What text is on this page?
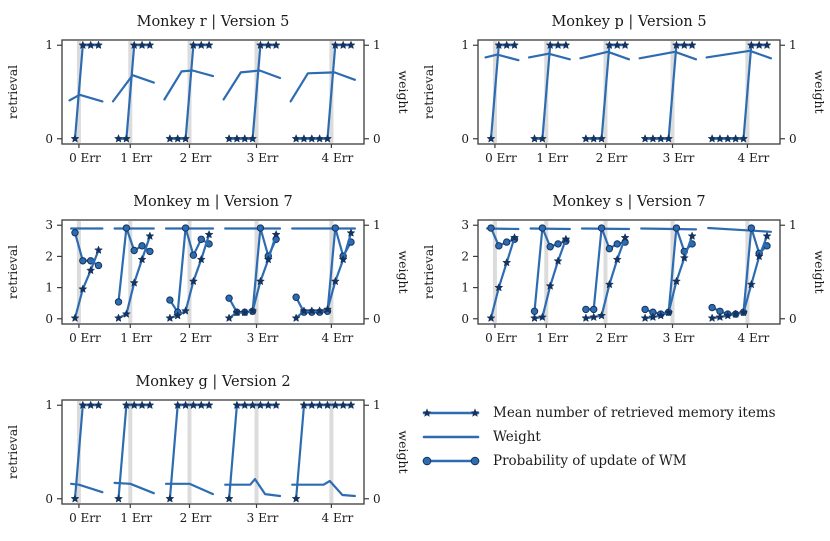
Monkey r | Version 5
0
1
0
1
retrieval	weight
0 Err 1 Err 2 Err	3 Err	4 Err
Monkey p | Version 5
0
1
0
1
retrieval	weight
0 Err 1 Err 2 Err	3 Err	4 Err
Monkey m | Version 7
0
1
2
3
0
1
retrieval	weight
0 Err 1 Err 2 Err	3 Err	4 Err
Monkey s | Version 7
0
1
2
3
0
1
retrieval	weight
0 Err 1 Err 2 Err	3 Err	4 Err
Monkey g | Version 2
0
1
0
1
retrieval	weight
0 Err 1 Err 2 Err	3 Err	4 Err
Mean number of retrieved memory items
Weight
Probability of update of WM
